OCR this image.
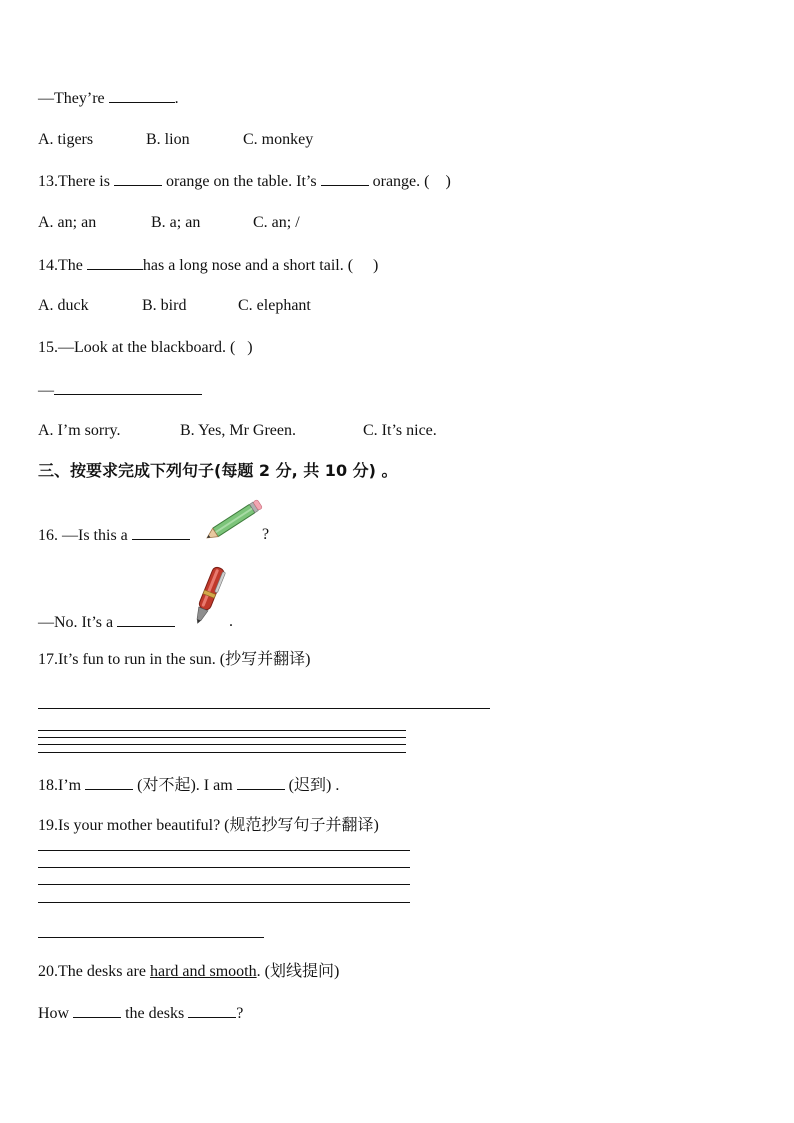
—They’re	.
A. tigers	B. lion	C. monkey
13.There is	orange on the table. It’s	orange. ( )
A. an; an	B. a; an	C. an; /
14.The	has a long nose and a short tail. ( )
A. duck	B. bird	C. elephant
15.—Look at the blackboard. ( )
—
A. I’m sorry.	B. Yes, Mr Green.	C. It’s nice.
三、按要求完成下列句子(每题 2 分, 共 10 分) 。
16. —Is this a	?
—No. It’s a	.
17.It’s fun to run in the sun. (抄写并翻译)
18.I’m	(对不起). I am	(迟到) .
19.Is your mother beautiful? (规范抄写句子并翻译)
20.The desks are hard and smooth. (划线提问)
How	the desks	?
